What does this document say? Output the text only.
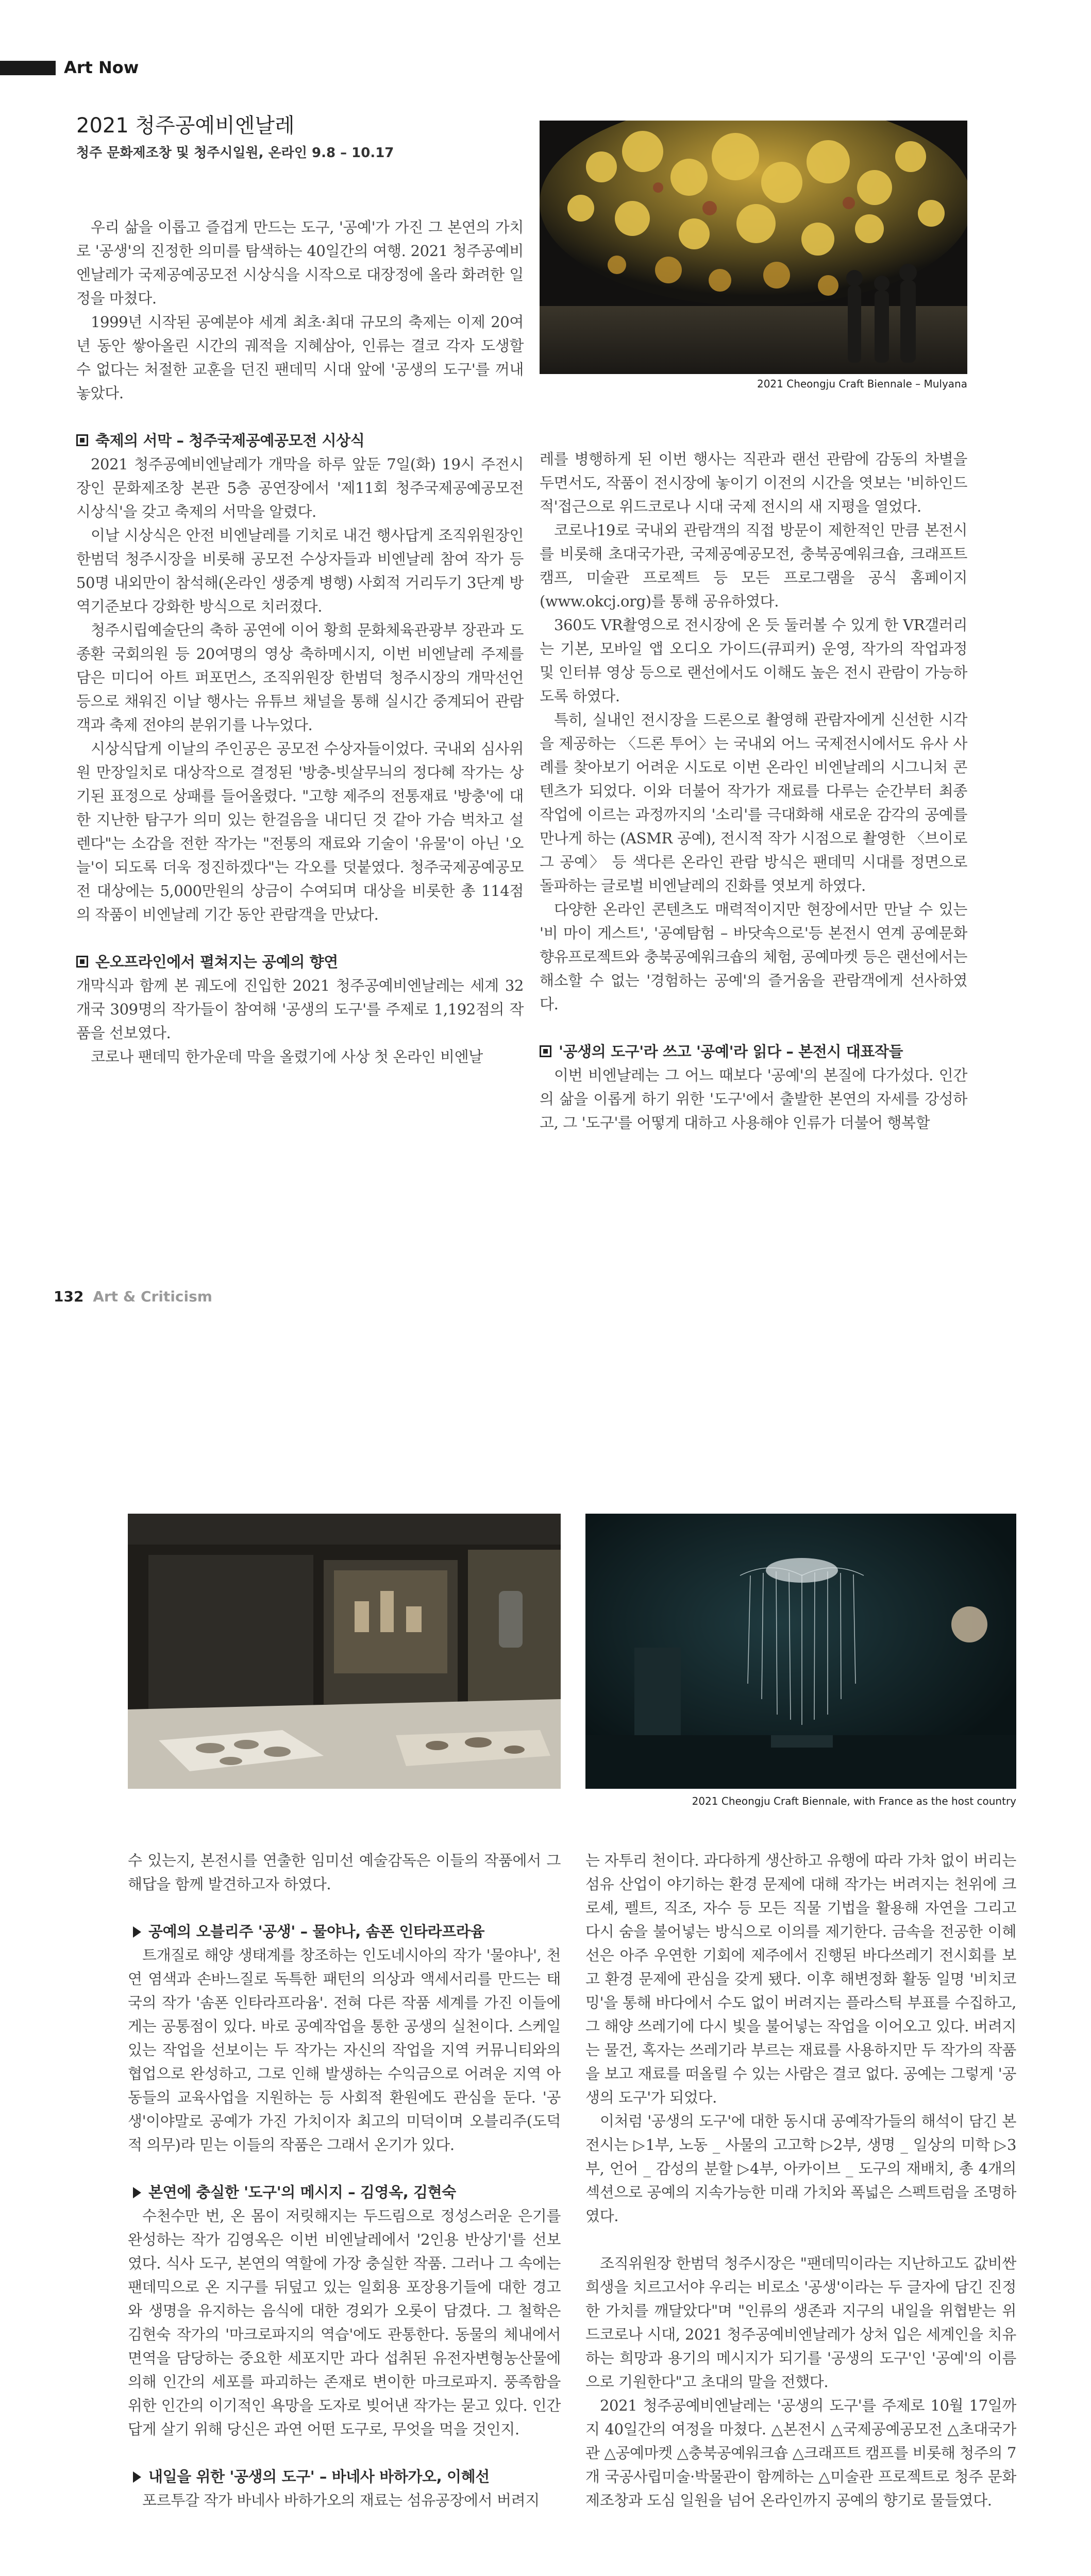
Art Now
2021 청주공예비엔날레
청주 문화제조창 및 청주시일원, 온라인 9.8 – 10.17
2021 Cheongju Craft Biennale – Mulyana

우리 삶을 이롭고 즐겁게 만드는 도구, '공예'가 가진 그 본연의 가치로 '공생'의 진정한 의미를 탐색하는 40일간의 여행. 2021 청주공예비엔날레가 국제공예공모전 시상식을 시작으로 대장정에 올라 화려한 일정을 마쳤다.

1999년 시작된 공예분야 세계 최초·최대 규모의 축제는 이제 20여 년 동안 쌓아올린 시간의 궤적을 지혜삼아, 인류는 결코 각자 도생할 수 없다는 처절한 교훈을 던진 팬데믹 시대 앞에 '공생의 도구'를 꺼내 놓았다.

축제의 서막 – 청주국제공예공모전 시상식

2021 청주공예비엔날레가 개막을 하루 앞둔 7일(화) 19시 주전시장인 문화제조창 본관 5층 공연장에서 '제11회 청주국제공예공모전 시상식'을 갖고 축제의 서막을 알렸다.

이날 시상식은 안전 비엔날레를 기치로 내건 행사답게 조직위원장인 한범덕 청주시장을 비롯해 공모전 수상자들과 비엔날레 참여 작가 등 50명 내외만이 참석해(온라인 생중계 병행) 사회적 거리두기 3단계 방역기준보다 강화한 방식으로 치러졌다.

청주시립예술단의 축하 공연에 이어 황희 문화체육관광부 장관과 도종환 국회의원 등 20여명의 영상 축하메시지, 이번 비엔날레 주제를 담은 미디어 아트 퍼포먼스, 조직위원장 한범덕 청주시장의 개막선언 등으로 채워진 이날 행사는 유튜브 채널을 통해 실시간 중계되어 관람객과 축제 전야의 분위기를 나누었다.

시상식답게 이날의 주인공은 공모전 수상자들이었다. 국내외 심사위원 만장일치로 대상작으로 결정된 '방충-빗살무늬의 정다혜 작가는 상기된 표정으로 상패를 들어올렸다. "고향 제주의 전통재료 '방충'에 대한 지난한 탐구가 의미 있는 한걸음을 내디딘 것 같아 가슴 벅차고 설렌다"는 소감을 전한 작가는 "전통의 재료와 기술이 '유물'이 아닌 '오늘'이 되도록 더욱 정진하겠다"는 각오를 덧붙였다. 청주국제공예공모전 대상에는 5,000만원의 상금이 수여되며 대상을 비롯한 총 114점의 작품이 비엔날레 기간 동안 관람객을 만났다.

온오프라인에서 펼쳐지는 공예의 향연

개막식과 함께 본 궤도에 진입한 2021 청주공예비엔날레는 세계 32개국 309명의 작가들이 참여해 '공생의 도구'를 주제로 1,192점의 작품을 선보였다.

코로나 팬데믹 한가운데 막을 올렸기에 사상 첫 온라인 비엔날

레를 병행하게 된 이번 행사는 직관과 랜선 관람에 감동의 차별을 두면서도, 작품이 전시장에 놓이기 이전의 시간을 엿보는 '비하인드 적'접근으로 위드코로나 시대 국제 전시의 새 지평을 열었다.

코로나19로 국내외 관람객의 직접 방문이 제한적인 만큼 본전시를 비롯해 초대국가관, 국제공예공모전, 충북공예워크숍, 크래프트 캠프, 미술관 프로젝트 등 모든 프로그램을 공식 홈페이지(www.okcj.org)를 통해 공유하였다.

360도 VR촬영으로 전시장에 온 듯 둘러볼 수 있게 한 VR갤러리는 기본, 모바일 앱 오디오 가이드(큐피커) 운영, 작가의 작업과정 및 인터뷰 영상 등으로 랜선에서도 이해도 높은 전시 관람이 가능하도록 하였다.

특히, 실내인 전시장을 드론으로 촬영해 관람자에게 신선한 시각을 제공하는 〈드론 투어〉는 국내외 어느 국제전시에서도 유사 사례를 찾아보기 어려운 시도로 이번 온라인 비엔날레의 시그니처 콘텐츠가 되었다. 이와 더불어 작가가 재료를 다루는 순간부터 최종 작업에 이르는 과정까지의 '소리'를 극대화해 새로운 감각의 공예를 만나게 하는 (ASMR 공예), 전시적 작가 시점으로 촬영한 〈브이로그 공예〉 등 색다른 온라인 관람 방식은 팬데믹 시대를 정면으로 돌파하는 글로벌 비엔날레의 진화를 엿보게 하였다.

다양한 온라인 콘텐츠도 매력적이지만 현장에서만 만날 수 있는 '비 마이 게스트', '공예탐험 – 바닷속으로'등 본전시 연계 공예문화 향유프로젝트와 충북공예워크숍의 체험, 공예마켓 등은 랜선에서는 해소할 수 없는 '경험하는 공예'의 즐거움을 관람객에게 선사하였다.

'공생의 도구'라 쓰고 '공예'라 읽다 – 본전시 대표작들

이번 비엔날레는 그 어느 때보다 '공예'의 본질에 다가섰다. 인간의 삶을 이롭게 하기 위한 '도구'에서 출발한 본연의 자세를 강성하고, 그 '도구'를 어떻게 대하고 사용해야 인류가 더불어 행복할

132 Art & Criticism
2021 Cheongju Craft Biennale, with France as the host country

수 있는지, 본전시를 연출한 임미선 예술감독은 이들의 작품에서 그 해답을 함께 발견하고자 하였다.

공예의 오블리주 '공생' – 물야나, 솜폰 인타라프라윰

트개질로 해양 생태계를 창조하는 인도네시아의 작가 '물야나', 천연 염색과 손바느질로 독특한 패턴의 의상과 액세서리를 만드는 태국의 작가 '솜폰 인타라프라윰'. 전혀 다른 작품 세계를 가진 이들에게는 공통점이 있다. 바로 공예작업을 통한 공생의 실천이다. 스케일 있는 작업을 선보이는 두 작가는 자신의 작업을 지역 커뮤니티와의 협업으로 완성하고, 그로 인해 발생하는 수익금으로 어려운 지역 아동들의 교육사업을 지원하는 등 사회적 환원에도 관심을 둔다. '공생'이야말로 공예가 가진 가치이자 최고의 미덕이며 오블리주(도덕적 의무)라 믿는 이들의 작품은 그래서 온기가 있다.

본연에 충실한 '도구'의 메시지 – 김영옥, 김현숙

수천수만 번, 온 몸이 저릿해지는 두드림으로 정성스러운 은기를 완성하는 작가 김영옥은 이번 비엔날레에서 '2인용 반상기'를 선보였다. 식사 도구, 본연의 역할에 가장 충실한 작품. 그러나 그 속에는 팬데믹으로 온 지구를 뒤덮고 있는 일회용 포장용기들에 대한 경고와 생명을 유지하는 음식에 대한 경외가 오롯이 담겼다. 그 철학은 김현숙 작가의 '마크로파지의 역습'에도 관통한다. 동물의 체내에서 면역을 담당하는 중요한 세포지만 과다 섭취된 유전자변형농산물에 의해 인간의 세포를 파괴하는 존재로 변이한 마크로파지. 풍족함을 위한 인간의 이기적인 욕망을 도자로 빚어낸 작가는 묻고 있다. 인간답게 살기 위해 당신은 과연 어떤 도구로, 무엇을 먹을 것인지.

내일을 위한 '공생의 도구' – 바네사 바하가오, 이혜선

포르투갈 작가 바네사 바하가오의 재료는 섬유공장에서 버려지

는 자투리 천이다. 과다하게 생산하고 유행에 따라 가차 없이 버리는 섬유 산업이 야기하는 환경 문제에 대해 작가는 버려지는 천위에 크로셰, 펠트, 직조, 자수 등 모든 직물 기법을 활용해 자연을 그리고 다시 숨을 불어넣는 방식으로 이의를 제기한다. 금속을 전공한 이혜선은 아주 우연한 기회에 제주에서 진행된 바다쓰레기 전시회를 보고 환경 문제에 관심을 갖게 됐다. 이후 해변정화 활동 일명 '비치코밍'을 통해 바다에서 수도 없이 버려지는 플라스틱 부표를 수집하고, 그 해양 쓰레기에 다시 빛을 불어넣는 작업을 이어오고 있다. 버려지는 물건, 혹자는 쓰레기라 부르는 재료를 사용하지만 두 작가의 작품을 보고 재료를 떠올릴 수 있는 사람은 결코 없다. 공예는 그렇게 '공생의 도구'가 되었다.

이처럼 '공생의 도구'에 대한 동시대 공예작가들의 해석이 담긴 본전시는 ▷1부, 노동 _ 사물의 고고학 ▷2부, 생명 _ 일상의 미학 ▷3부, 언어 _ 감성의 분할 ▷4부, 아카이브 _ 도구의 재배치, 총 4개의 섹션으로 공예의 지속가능한 미래 가치와 폭넓은 스펙트럼을 조명하였다.

조직위원장 한범덕 청주시장은 "팬데믹이라는 지난하고도 값비싼 희생을 치르고서야 우리는 비로소 '공생'이라는 두 글자에 담긴 진정한 가치를 깨달았다"며 "인류의 생존과 지구의 내일을 위협받는 위드코로나 시대, 2021 청주공예비엔날레가 상처 입은 세계인을 치유하는 희망과 용기의 메시지가 되기를 '공생의 도구'인 '공예'의 이름으로 기원한다"고 초대의 말을 전했다.

2021 청주공예비엔날레는 '공생의 도구'를 주제로 10월 17일까지 40일간의 여정을 마쳤다. △본전시 △국제공예공모전 △초대국가관 △공예마켓 △충북공예워크숍 △크래프트 캠프를 비롯해 청주의 7개 국공사립미술·박물관이 함께하는 △미술관 프로젝트로 청주 문화제조창과 도심 일원을 넘어 온라인까지 공예의 향기로 물들였다.
